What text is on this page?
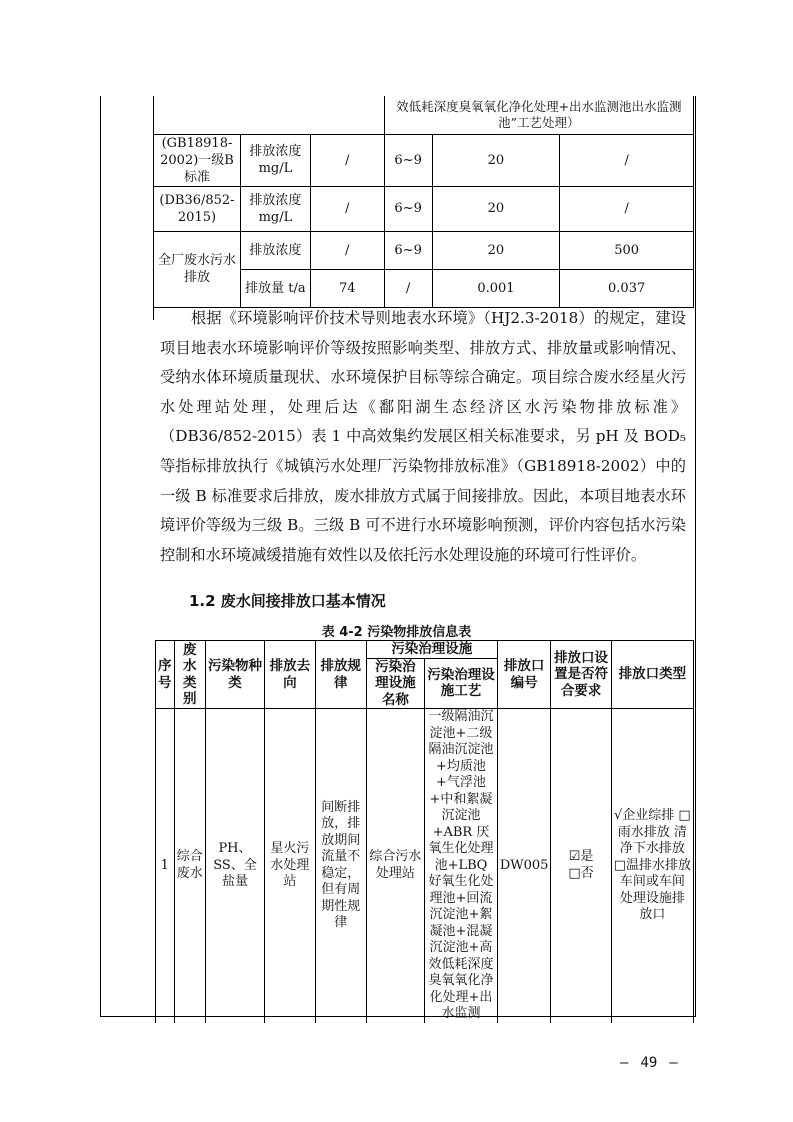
			效低耗深度臭氧氧化净化处理+出水监测池出水监测池”工艺处理）		
(GB18918-2002)一级B标准	排放浓度mg/L	/	6~9	20	/
(DB36/852-2015)	排放浓度mg/L	/	6~9	20	/
全厂废水污水排放	排放浓度	/	6~9	20	500
	排放量 t/a	74	/	0.001	0.037

根据《环境影响评价技术导则地表水环境》（HJ2.3-2018）的规定，建设项目地表水环境影响评价等级按照影响类型、排放方式、排放量或影响情况、受纳水体环境质量现状、水环境保护目标等综合确定。项目综合废水经星火污水处理站处理，处理后达《鄱阳湖生态经济区水污染物排放标准》（DB36/852-2015）表 1 中高效集约发展区相关标准要求，另 pH 及 BOD₅ 等指标排放执行《城镇污水处理厂污染物排放标准》（GB18918-2002）中的一级 B 标准要求后排放，废水排放方式属于间接排放。因此，本项目地表水环境评价等级为三级 B。三级 B 可不进行水环境影响预测，评价内容包括水污染控制和水环境减缓措施有效性以及依托污水处理设施的环境可行性评价。

1.2 废水间接排放口基本情况
表 4-2 污染物排放信息表
序号	废水类别	污染物种类	排放去向	排放规律	污染治理设施		排放口编号	排放口设置是否符合要求	排放口类型
					污染治理设施名称	污染治理设施工艺			
1	综合废水	PH、SS、全盐量	星火污水处理站	间断排放，排放期间流量不稳定，但有周期性规律	综合污水处理站	一级隔油沉淀池+二级隔油沉淀池+均质池+气浮池+中和絮凝沉淀池+ABR 厌氧生化处理池+LBQ 好氧生化处理池+回流沉淀池+絮凝池+混凝沉淀池+高效低耗深度臭氧氧化净化处理+出水监测	DW005	☑是
□否	√企业综排 □雨水排放 清净下水排放 □温排水排放 车间或车间处理设施排放口
— 49 —
